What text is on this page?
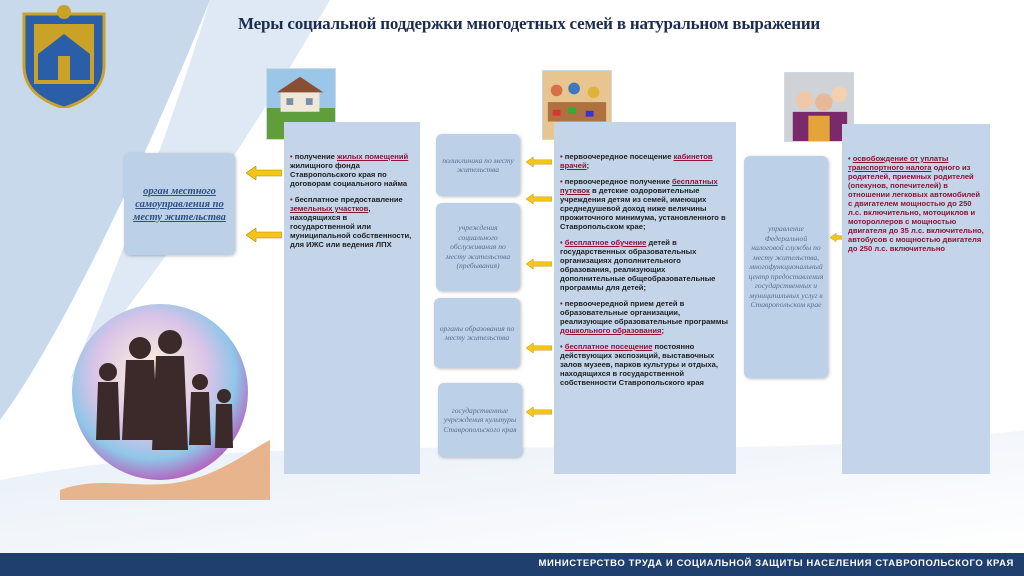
Меры социальной поддержки многодетных семей в натуральном выражении
орган местного самоуправления по месту жительства

• получение жилых помещений жилищного фонда Ставропольского края по договорам социального найма

• бесплатное предоставление земельных участков, находящихся в государственной или муниципальной собственности, для ИЖС или ведения ЛПХ

поликлиника по месту жительства
учреждения социального обслуживания по месту жительства (пребывания)
органы образования по месту жительства
государственные учреждения культуры Ставропольского края

• первоочередное посещение кабинетов врачей;

• первоочередное получение бесплатных путевок в детские оздоровительные учреждения детям из семей, имеющих среднедушевой доход ниже величины прожиточного минимума, установленного в Ставропольском крае;

• бесплатное обучение детей в государственных образовательных организациях дополнительного образования, реализующих дополнительные общеобразовательные программы для детей;

• первоочередной прием детей в образовательные организации, реализующие образовательные программы дошкольного образования;

• бесплатное посещение постоянно действующих экспозиций, выставочных залов музеев, парков культуры и отдыха, находящихся в государственной собственности Ставропольского края

управление Федеральной налоговой службы по месту жительства, многофункциональный центр предоставления государственных и муниципальных услуг в Ставропольском крае

• освобождение от уплаты транспортного налога одного из родителей, приемных родителей (опекунов, попечителей) в отношении легковых автомобилей с двигателем мощностью до 250 л.с. включительно, мотоциклов и мотороллеров с мощностью двигателя до 35 л.с. включительно, автобусов с мощностью двигателя до 250 л.с. включительно

МИНИСТЕРСТВО ТРУДА И СОЦИАЛЬНОЙ ЗАЩИТЫ НАСЕЛЕНИЯ СТАВРОПОЛЬСКОГО КРАЯ
